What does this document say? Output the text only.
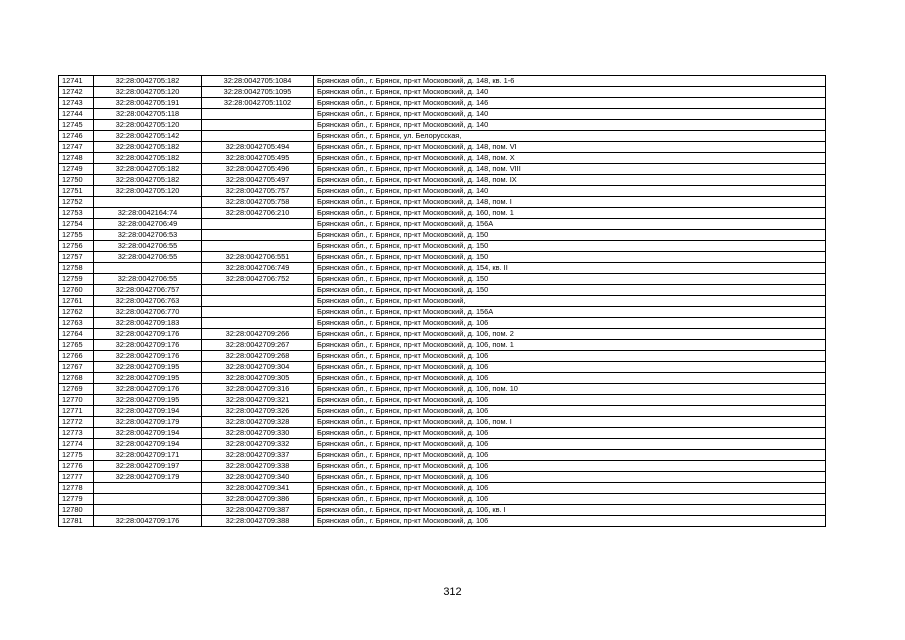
12741	32:28:0042705:182	32:28:0042705:1084	Брянская обл., г. Брянск, пр-кт Московский, д. 148, кв. 1-6
12742	32:28:0042705:120	32:28:0042705:1095	Брянская обл., г. Брянск, пр-кт Московский, д. 140
12743	32:28:0042705:191	32:28:0042705:1102	Брянская обл., г. Брянск, пр-кт Московский, д. 146
12744	32:28:0042705:118		Брянская обл., г. Брянск, пр-кт Московский, д. 140
12745	32:28:0042705:120		Брянская обл., г. Брянск, пр-кт Московский, д. 140
12746	32:28:0042705:142		Брянская обл., г. Брянск, ул. Белорусская,
12747	32:28:0042705:182	32:28:0042705:494	Брянская обл., г. Брянск, пр-кт Московский, д. 148, пом. VI
12748	32:28:0042705:182	32:28:0042705:495	Брянская обл., г. Брянск, пр-кт Московский, д. 148, пом. X
12749	32:28:0042705:182	32:28:0042705:496	Брянская обл., г. Брянск, пр-кт Московский, д. 148, пом. VIII
12750	32:28:0042705:182	32:28:0042705:497	Брянская обл., г. Брянск, пр-кт Московский, д. 148, пом. IX
12751	32:28:0042705:120	32:28:0042705:757	Брянская обл., г. Брянск, пр-кт Московский, д. 140
12752		32:28:0042705:758	Брянская обл., г. Брянск, пр-кт Московский, д. 148, пом. I
12753	32:28:0042164:74	32:28:0042706:210	Брянская обл., г. Брянск, пр-кт Московский, д. 160, пом. 1
12754	32:28:0042706:49		Брянская обл., г. Брянск, пр-кт Московский, д. 156А
12755	32:28:0042706:53		Брянская обл., г. Брянск, пр-кт Московский, д. 150
12756	32:28:0042706:55		Брянская обл., г. Брянск, пр-кт Московский, д. 150
12757	32:28:0042706:55	32:28:0042706:551	Брянская обл., г. Брянск, пр-кт Московский, д. 150
12758		32:28:0042706:749	Брянская обл., г. Брянск, пр-кт Московский, д. 154, кв. II
12759	32:28:0042706:55	32:28:0042706:752	Брянская обл., г. Брянск, пр-кт Московский, д. 150
12760	32:28:0042706:757		Брянская обл., г. Брянск, пр-кт Московский, д. 150
12761	32:28:0042706:763		Брянская обл., г. Брянск, пр-кт Московский,
12762	32:28:0042706:770		Брянская обл., г. Брянск, пр-кт Московский, д. 156А
12763	32:28:0042709:183		Брянская обл., г. Брянск, пр-кт Московский, д. 106
12764	32:28:0042709:176	32:28:0042709:266	Брянская обл., г. Брянск, пр-кт Московский, д. 106, пом. 2
12765	32:28:0042709:176	32:28:0042709:267	Брянская обл., г. Брянск, пр-кт Московский, д. 106, пом. 1
12766	32:28:0042709:176	32:28:0042709:268	Брянская обл., г. Брянск, пр-кт Московский, д. 106
12767	32:28:0042709:195	32:28:0042709:304	Брянская обл., г. Брянск, пр-кт Московский, д. 106
12768	32:28:0042709:195	32:28:0042709:305	Брянская обл., г. Брянск, пр-кт Московский, д. 106
12769	32:28:0042709:176	32:28:0042709:316	Брянская обл., г. Брянск, пр-кт Московский, д. 106, пом. 10
12770	32:28:0042709:195	32:28:0042709:321	Брянская обл., г. Брянск, пр-кт Московский, д. 106
12771	32:28:0042709:194	32:28:0042709:326	Брянская обл., г. Брянск, пр-кт Московский, д. 106
12772	32:28:0042709:179	32:28:0042709:328	Брянская обл., г. Брянск, пр-кт Московский, д. 106, пом. I
12773	32:28:0042709:194	32:28:0042709:330	Брянская обл., г. Брянск, пр-кт Московский, д. 106
12774	32:28:0042709:194	32:28:0042709:332	Брянская обл., г. Брянск, пр-кт Московский, д. 106
12775	32:28:0042709:171	32:28:0042709:337	Брянская обл., г. Брянск, пр-кт Московский, д. 106
12776	32:28:0042709:197	32:28:0042709:338	Брянская обл., г. Брянск, пр-кт Московский, д. 106
12777	32:28:0042709:179	32:28:0042709:340	Брянская обл., г. Брянск, пр-кт Московский, д. 106
12778		32:28:0042709:341	Брянская обл., г. Брянск, пр-кт Московский, д. 106
12779		32:28:0042709:386	Брянская обл., г. Брянск, пр-кт Московский, д. 106
12780		32:28:0042709:387	Брянская обл., г. Брянск, пр-кт Московский, д. 106, кв. I
12781	32:28:0042709:176	32:28:0042709:388	Брянская обл., г. Брянск, пр-кт Московский, д. 106
312
